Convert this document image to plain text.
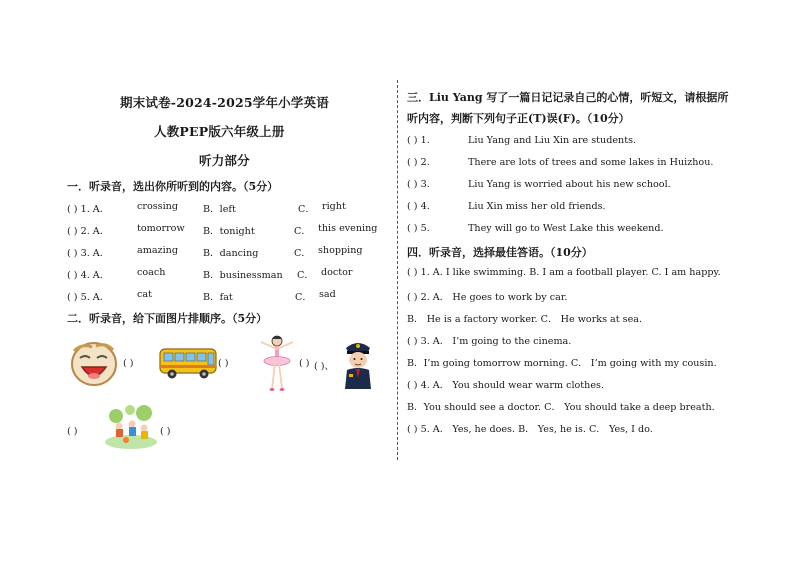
期末试卷-2024-2025学年小学英语
人教PEP版六年级上册
听力部分
一．听录音，选出你所听到的内容。（5分）
( ) 1. A．	crossing	B．left	C． right
( ) 2. A．	tomorrow B．tonight	C． this evening
( ) 3. A．	amazing	B．dancing	C． shopping
( ) 4. A．	coach	B．businessman C． doctor
( ) 5. A．	cat	B．fat	C． sad
二．听录音，给下面图片排顺序。（5分）
( )	( )	( ) ( )、
( )	( )
三．Liu Yang 写了一篇日记记录自己的心情，听短文，请根据所
听内容，判断下列句子正(T)误(F)。（10分）
( ) 1.	Liu Yang and Liu Xin are students.
( ) 2.	There are lots of trees and some lakes in Huizhou.
( ) 3.	Liu Yang is worried about his new school.
( ) 4.	Liu Xin miss her old friends.
( ) 5.	They will go to West Lake this weekend.
四．听录音，选择最佳答语。（10分）
( ) 1. A. I like swimming. B. I am a football player. C. I am happy.
( ) 2. A． He goes to work by car.
B． He is a factory worker. C． He works at sea.
( ) 3. A． I’m going to the cinema.
B．I’m going tomorrow morning. C． I’m going with my cousin.
( ) 4. A． You should wear warm clothes.
B．You should see a doctor. C． You should take a deep breath.
( ) 5. A． Yes, he does. B． Yes, he is. C． Yes, I do.
